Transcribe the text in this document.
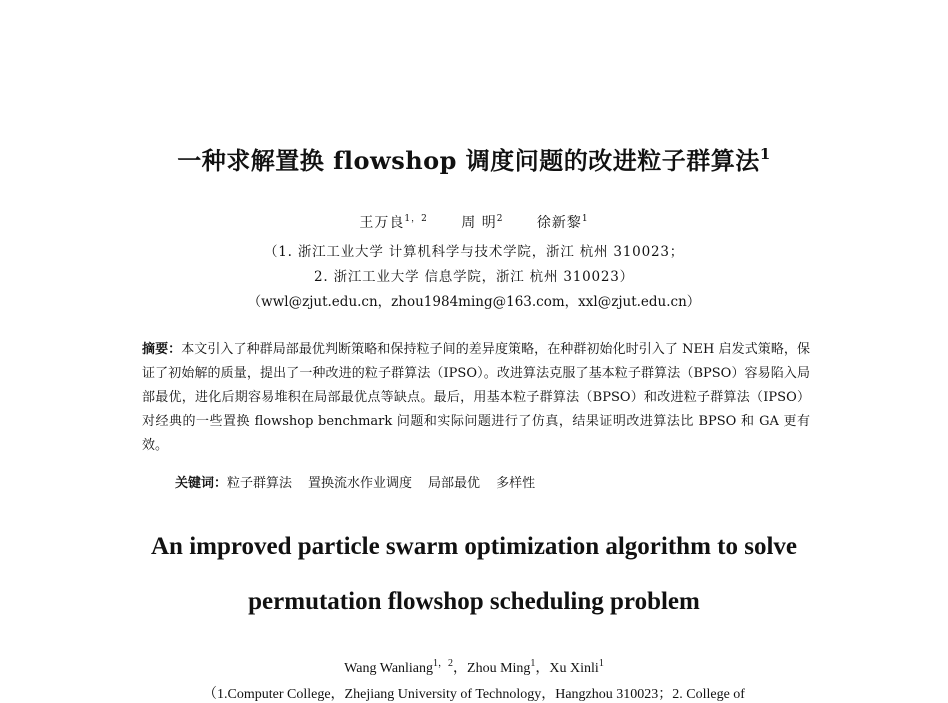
一种求解置换 flowshop 调度问题的改进粒子群算法$^1$
王万良$^{1,2}$ 周 明$^2$ 徐新黎$^1$
（1. 浙江工业大学 计算机科学与技术学院，浙江 杭州 310023；
2. 浙江工业大学 信息学院，浙江 杭州 310023）
（wwl@zjut.edu.cn，zhou1984ming@163.com，xxl@zjut.edu.cn）
摘要：本文引入了种群局部最优判断策略和保持粒子间的差异度策略，在种群初始化时引入了 NEH 启发式策略，保证了初始解的质量，提出了一种改进的粒子群算法（IPSO）。改进算法克服了基本粒子群算法（BPSO）容易陷入局部最优，进化后期容易堆积在局部最优点等缺点。最后，用基本粒子群算法（BPSO）和改进粒子群算法（IPSO）对经典的一些置换 flowshop benchmark 问题和实际问题进行了仿真，结果证明改进算法比 BPSO 和 GA 更有效。
关键词：粒子群算法 置换流水作业调度 局部最优 多样性
An improved particle swarm optimization algorithm to solve
permutation flowshop scheduling problem
Wang Wanliang$^{1,2}$，Zhou Ming$^1$，Xu Xinli$^1$
（1.Computer College，Zhejiang University of Technology，Hangzhou 310023；2. College of
